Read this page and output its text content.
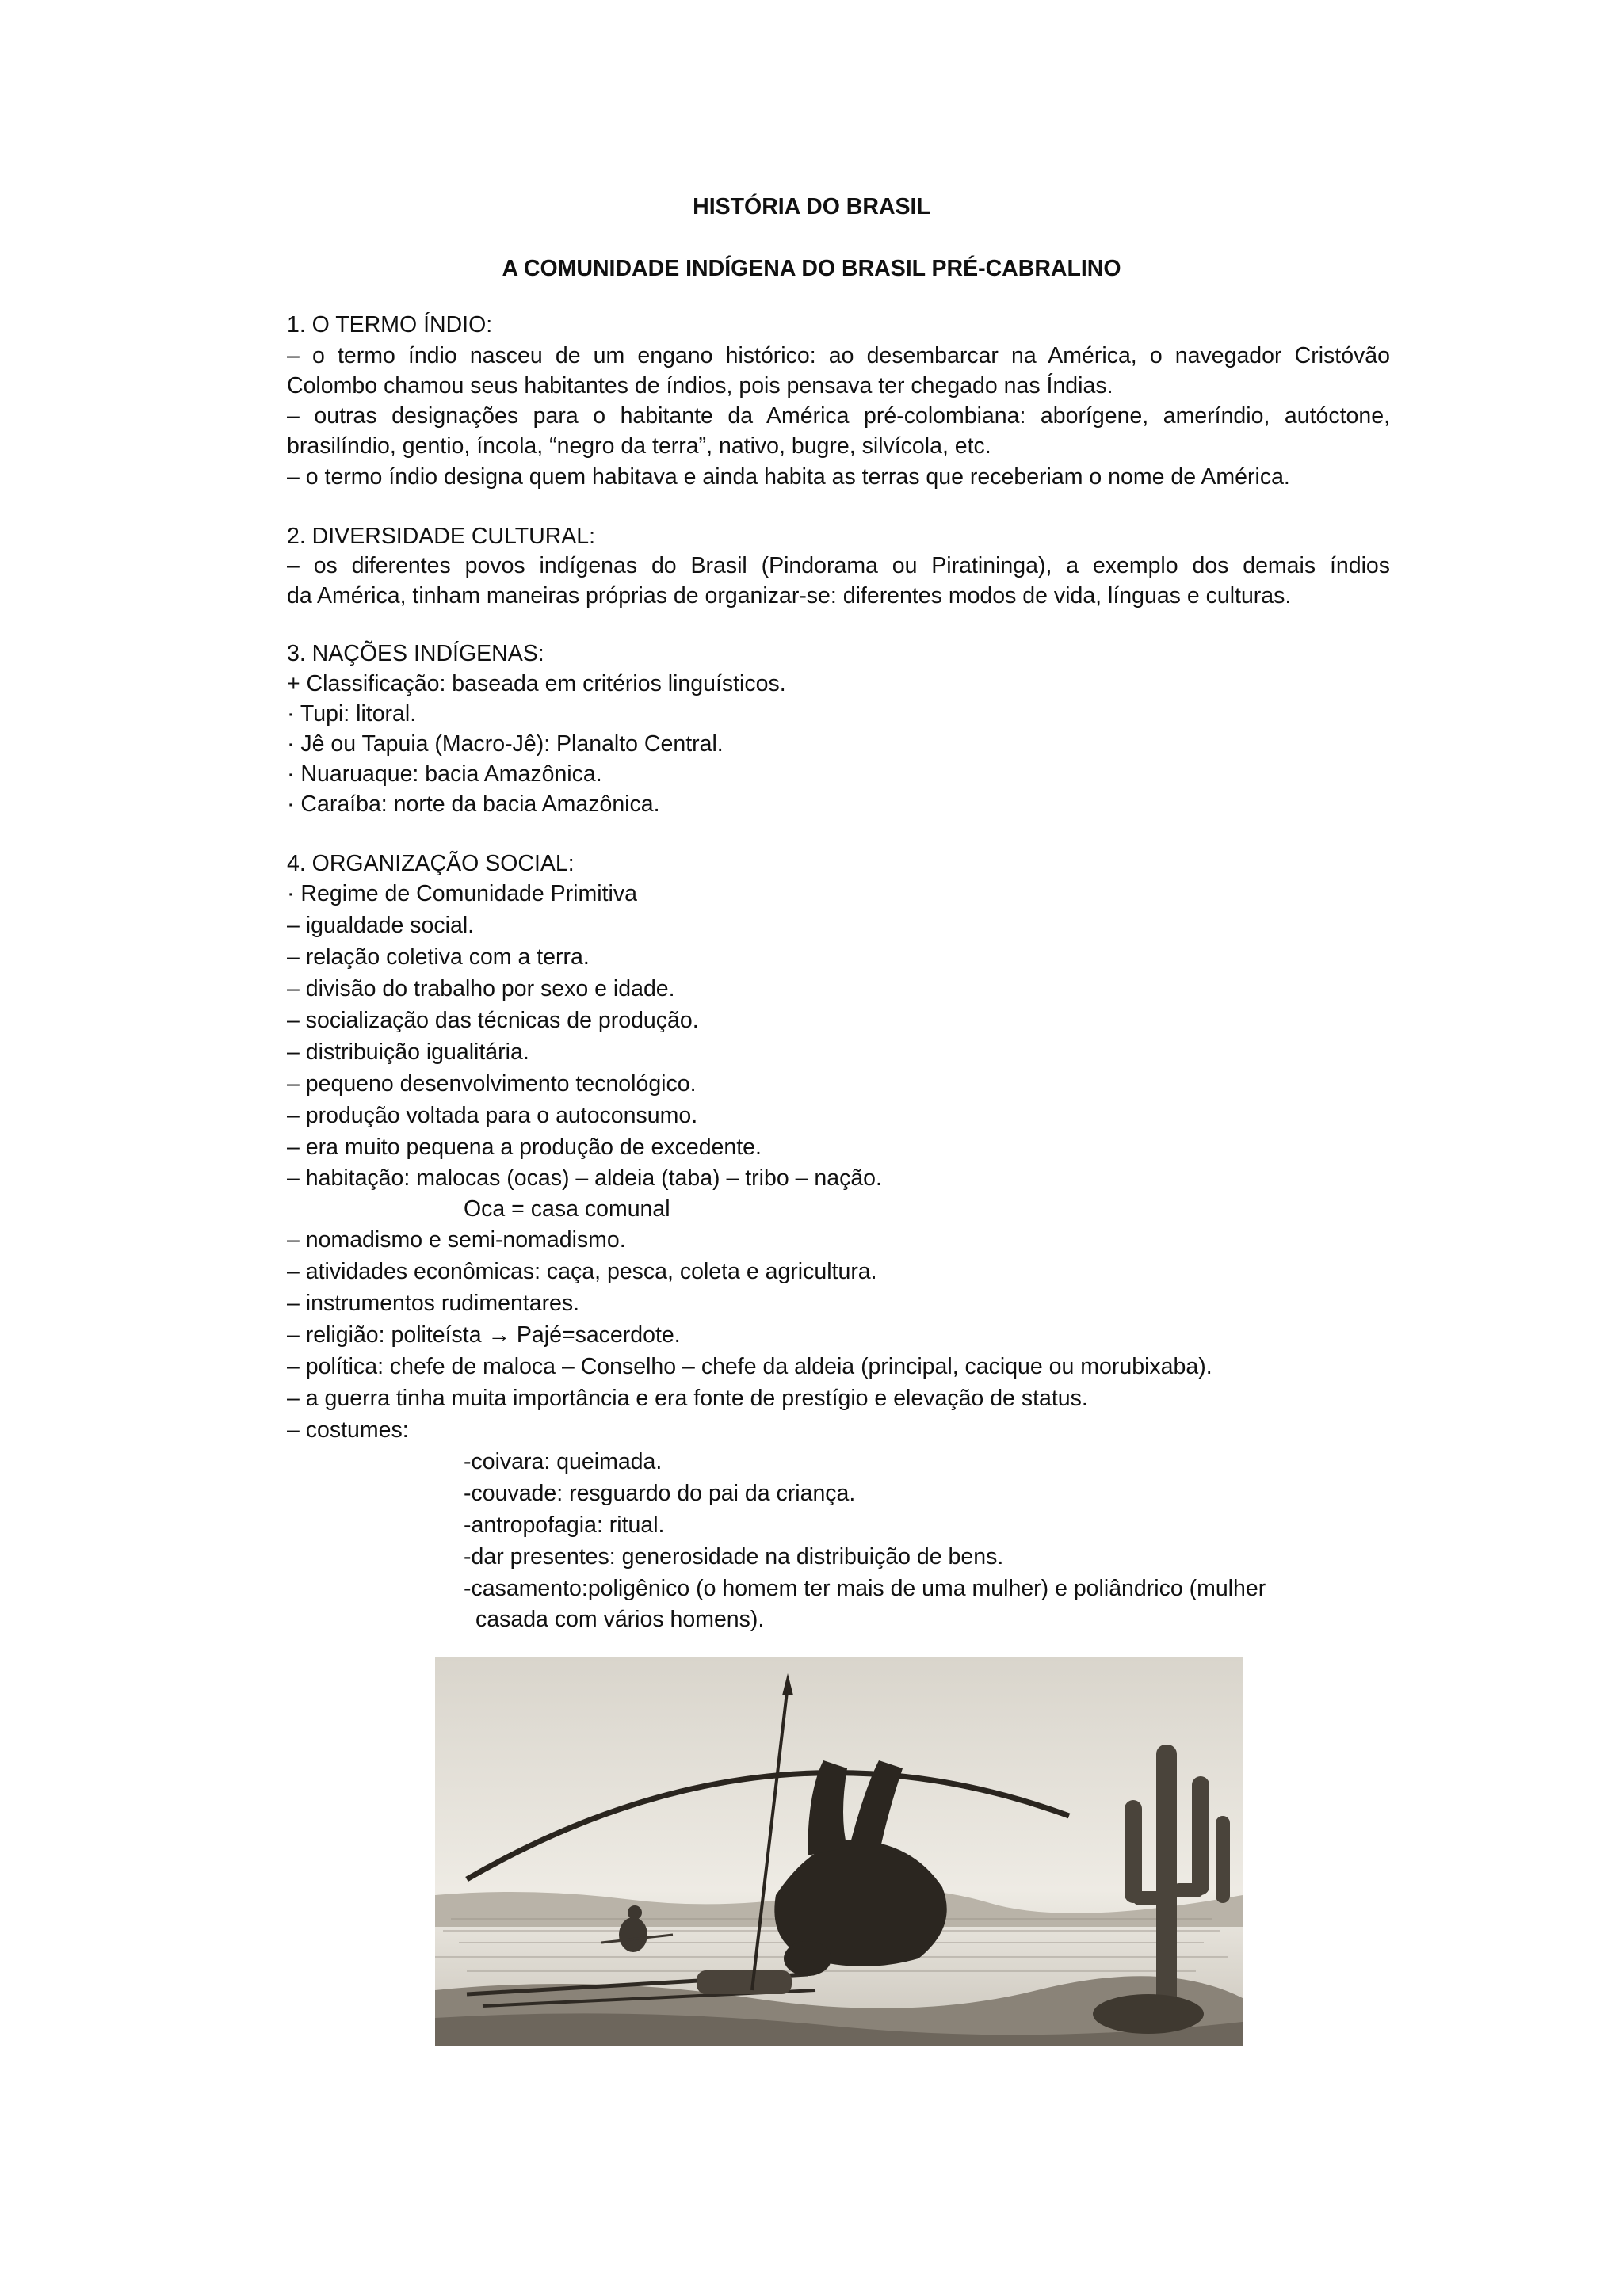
HISTÓRIA DO BRASIL
A COMUNIDADE INDÍGENA DO BRASIL PRÉ-CABRALINO
1. O TERMO ÍNDIO:
– o termo índio nasceu de um engano histórico: ao desembarcar na América, o navegador Cristóvão
Colombo chamou seus habitantes de índios, pois pensava ter chegado nas Índias.
– outras designações para o habitante da América pré-colombiana: aborígene, ameríndio, autóctone,
brasilíndio, gentio, íncola, “negro da terra”, nativo, bugre, silvícola, etc.
– o termo índio designa quem habitava e ainda habita as terras que receberiam o nome de América.
2. DIVERSIDADE CULTURAL:
– os diferentes povos indígenas do Brasil (Pindorama ou Piratininga), a exemplo dos demais índios
da América, tinham maneiras próprias de organizar-se: diferentes modos de vida, línguas e culturas.
3. NAÇÕES INDÍGENAS:
+ Classificação: baseada em critérios linguísticos.
· Tupi: litoral.
· Jê ou Tapuia (Macro-Jê): Planalto Central.
· Nuaruaque: bacia Amazônica.
· Caraíba: norte da bacia Amazônica.
4. ORGANIZAÇÃO SOCIAL:
· Regime de Comunidade Primitiva
– igualdade social.
– relação coletiva com a terra.
– divisão do trabalho por sexo e idade.
– socialização das técnicas de produção.
– distribuição igualitária.
– pequeno desenvolvimento tecnológico.
– produção voltada para o autoconsumo.
– era muito pequena a produção de excedente.
– habitação: malocas (ocas) – aldeia (taba) – tribo – nação.
Oca = casa comunal
– nomadismo e semi-nomadismo.
– atividades econômicas: caça, pesca, coleta e agricultura.
– instrumentos rudimentares.
– religião: politeísta → Pajé=sacerdote.
– política: chefe de maloca – Conselho – chefe da aldeia (principal, cacique ou morubixaba).
– a guerra tinha muita importância e era fonte de prestígio e elevação de status.
– costumes:
-coivara: queimada.
-couvade: resguardo do pai da criança.
-antropofagia: ritual.
-dar presentes: generosidade na distribuição de bens.
-casamento:poligênico (o homem ter mais de uma mulher) e poliândrico (mulher
casada com vários homens).
